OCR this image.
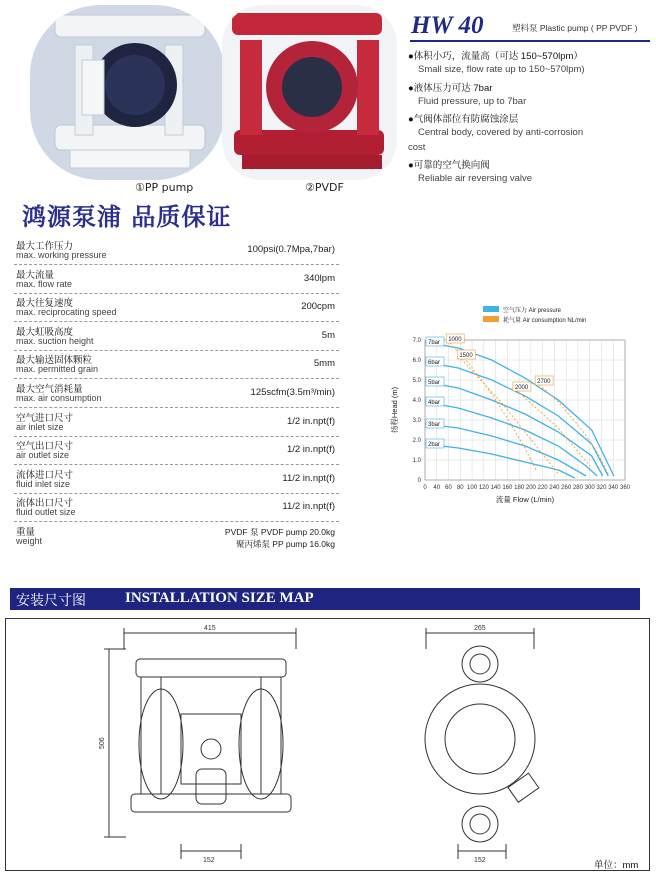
①PP pump	②PVDF
HW 40	塑料泵 Plastic pump ( PP PVDF )
●体积小巧，流量高（可达 150~570lpm）
Small size, flow rate up to 150~570lpm)
●液体压力可达 7bar
Fluid pressure, up to 7bar
●气阀体部位有防腐蚀涂层
Central body, covered by anti-corrosion
cost
●可靠的空气换向阀
Reliable air reversing valve
鸿源泵浦 品质保证
最大工作压力
max. working pressure	100psi(0.7Mpa,7bar)
最大流量
max. flow rate	340lpm
最大往复速度
max. reciprocating speed	200cpm
最大虹吸高度
max. suction height	5m
最大输送固体颗粒
max. permitted grain	5mm
最大空气消耗量
max. air consumption	125scfm(3.5m³/min)
空气进口尺寸
air inlet size	1/2 in.npt(f)
空气出口尺寸
air outlet size	1/2 in.npt(f)
流体进口尺寸
fluid inlet size	11/2 in.npt(f)
流体出口尺寸
fluid outlet size	11/2 in.npt(f)
重量
weight
PVDF 泵 PVDF pump 20.0kg
聚丙烯泵 PP pump 16.0kg
0
1.0
2.0
3.0
4.0
5.0
6.0
7.0
0 40 60 80 100 120 140 160 180 200 220 240 260 280 300 320 340 360
流量 Flow (L/min)
扬程Head (m)
空气压力 Air pressure
耗气量 Air consumption NL/min
7bar
6bar
5bar
4bar
3bar
2bar
1000
1500
2000
2700
安装尺寸图	INSTALLATION SIZE MAP
415
506
152
265
152	单位：mm
